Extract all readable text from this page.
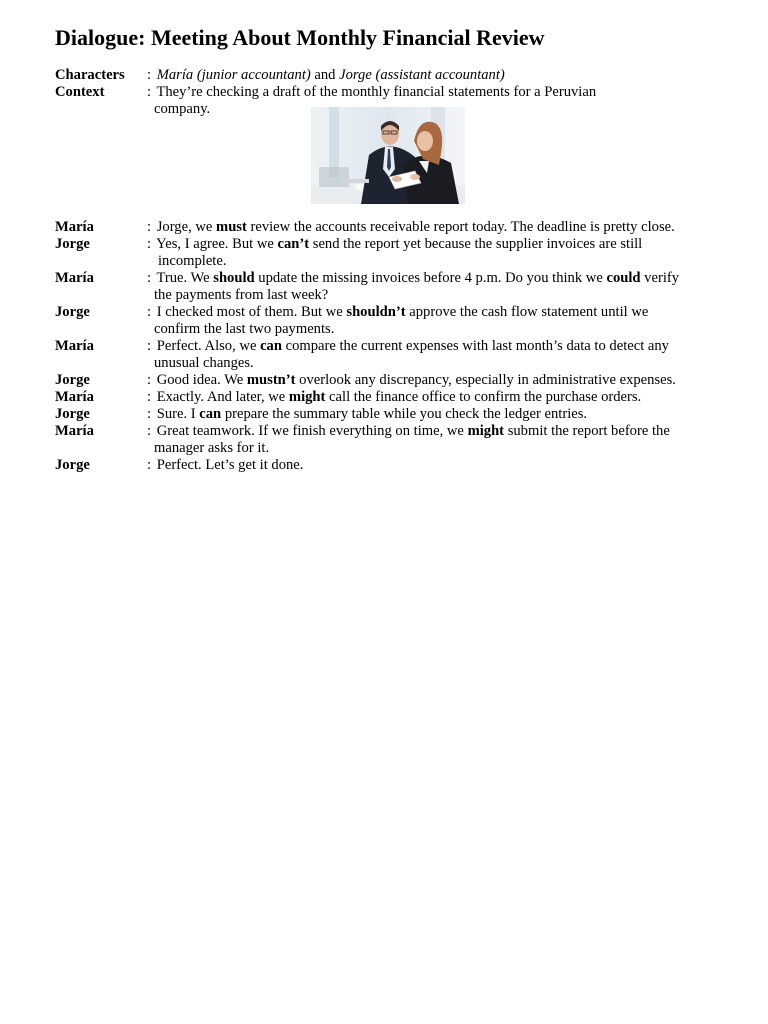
Dialogue: Meeting About Monthly Financial Review
Characters	: María (junior accountant) and Jorge (assistant accountant)
Context	: They’re checking a draft of the monthly financial statements for a Peruvian
company.
María	: Jorge, we must review the accounts receivable report today. The deadline is pretty close.
Jorge	: Yes, I agree. But we can’t send the report yet because the supplier invoices are still
incomplete.
María	: True. We should update the missing invoices before 4 p.m. Do you think we could verify
the payments from last week?
Jorge	: I checked most of them. But we shouldn’t approve the cash flow statement until we
confirm the last two payments.
María	: Perfect. Also, we can compare the current expenses with last month’s data to detect any
unusual changes.
Jorge	: Good idea. We mustn’t overlook any discrepancy, especially in administrative expenses.
María	: Exactly. And later, we might call the finance office to confirm the purchase orders.
Jorge	: Sure. I can prepare the summary table while you check the ledger entries.
María	: Great teamwork. If we finish everything on time, we might submit the report before the
manager asks for it.
Jorge	: Perfect. Let’s get it done.
